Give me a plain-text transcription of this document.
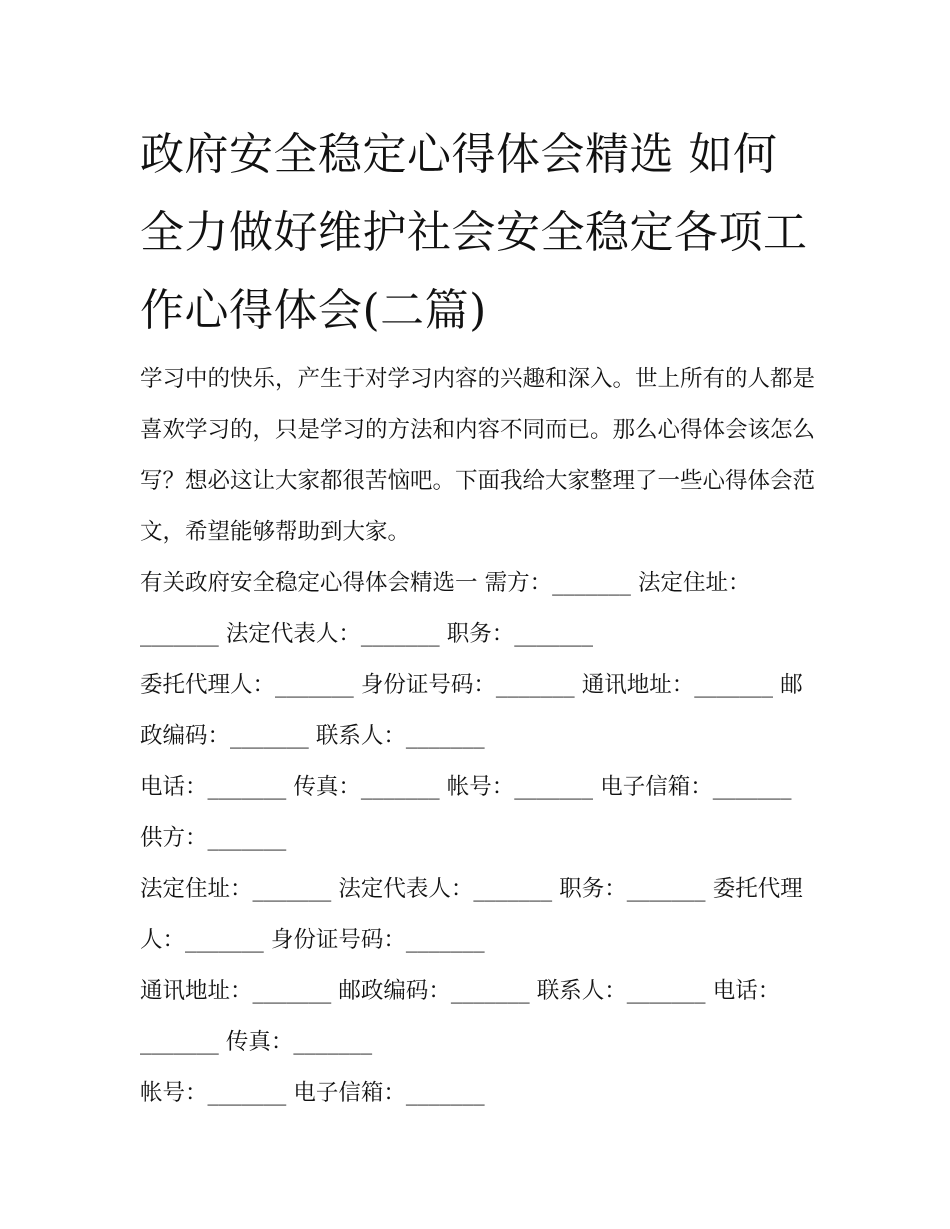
政府安全稳定心得体会精选 如何全力做好维护社会安全稳定各项工作心得体会(二篇)

学习中的快乐，产生于对学习内容的兴趣和深入。世上所有的人都是喜欢学习的，只是学习的方法和内容不同而已。那么心得体会该怎么写？想必这让大家都很苦恼吧。下面我给大家整理了一些心得体会范文，希望能够帮助到大家。

有关政府安全稳定心得体会精选一 需方：_______ 法定住址：_______ 法定代表人：_______ 职务：_______

委托代理人：_______ 身份证号码：_______ 通讯地址：_______ 邮政编码：_______ 联系人：_______

电话：_______ 传真：_______ 帐号：_______ 电子信箱：_______ 供方：_______

法定住址：_______ 法定代表人：_______ 职务：_______ 委托代理人：_______ 身份证号码：_______

通讯地址：_______ 邮政编码：_______ 联系人：_______ 电话：_______ 传真：_______

帐号：_______ 电子信箱：_______
